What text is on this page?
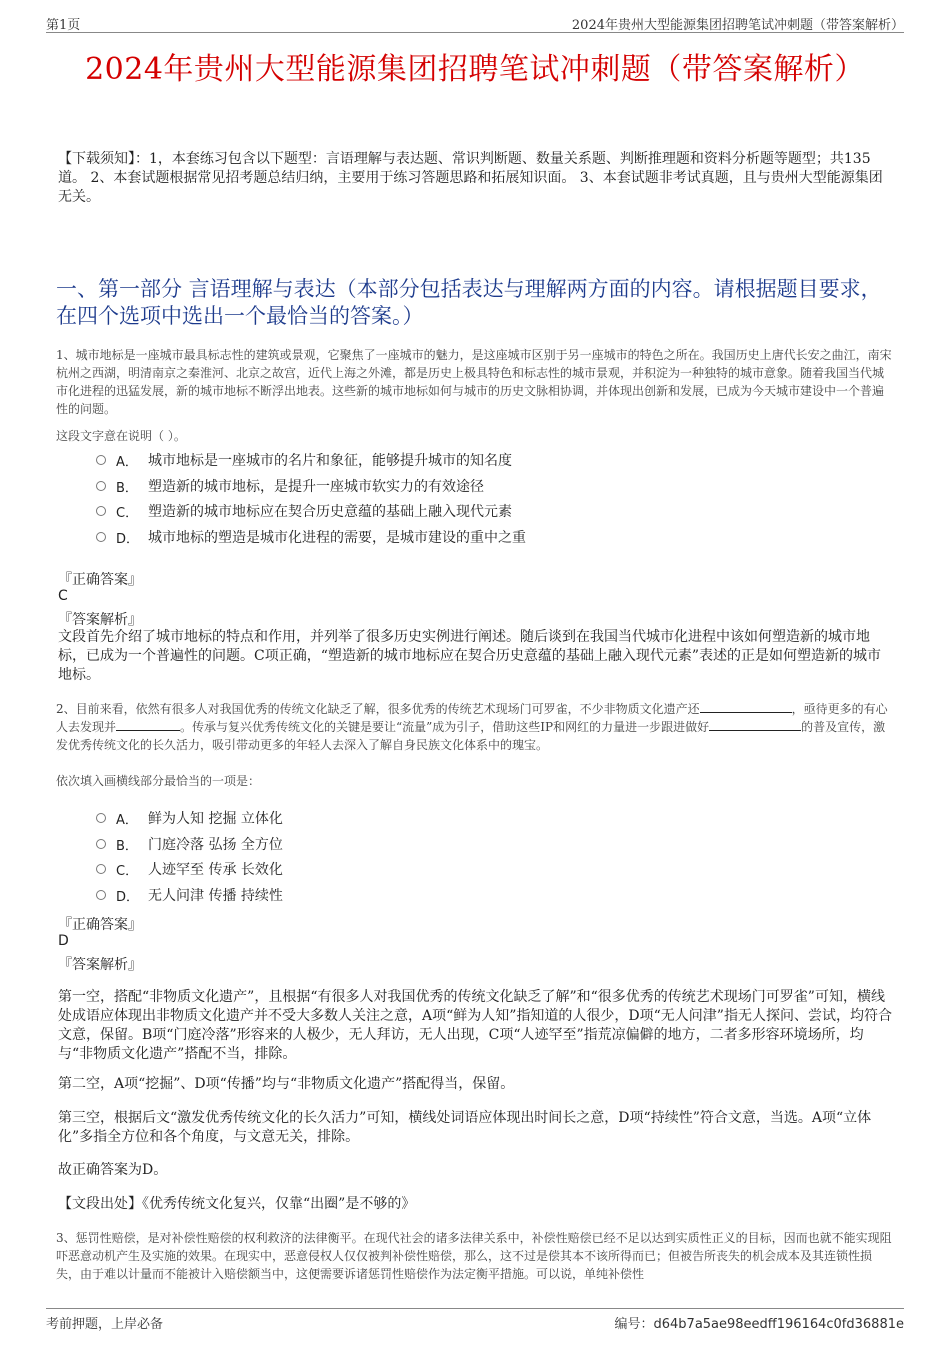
第1页	2024年贵州大型能源集团招聘笔试冲刺题（带答案解析）
2024年贵州大型能源集团招聘笔试冲刺题（带答案解析）
【下载须知】：1，本套练习包含以下题型：言语理解与表达题、常识判断题、数量关系题、判断推理题和资料分析题等题型；共135道。 2、本套试题根据常见招考题总结归纳，主要用于练习答题思路和拓展知识面。 3、本套试题非考试真题，且与贵州大型能源集团无关。
一、第一部分 言语理解与表达（本部分包括表达与理解两方面的内容。请根据题目要求，在四个选项中选出一个最恰当的答案。）
1、城市地标是一座城市最具标志性的建筑或景观，它聚焦了一座城市的魅力，是这座城市区别于另一座城市的特色之所在。我国历史上唐代长安之曲江，南宋杭州之西湖，明清南京之秦淮河、北京之故宫，近代上海之外滩，都是历史上极具特色和标志性的城市景观，并积淀为一种独特的城市意象。随着我国当代城市化进程的迅猛发展，新的城市地标不断浮出地表。这些新的城市地标如何与城市的历史文脉相协调，并体现出创新和发展，已成为今天城市建设中一个普遍性的问题。
这段文字意在说明（ ）。
A． 城市地标是一座城市的名片和象征，能够提升城市的知名度
B． 塑造新的城市地标，是提升一座城市软实力的有效途径
C． 塑造新的城市地标应在契合历史意蕴的基础上融入现代元素
D． 城市地标的塑造是城市化进程的需要，是城市建设的重中之重
『正确答案』
C
『答案解析』
文段首先介绍了城市地标的特点和作用，并列举了很多历史实例进行阐述。随后谈到在我国当代城市化进程中该如何塑造新的城市地标，已成为一个普遍性的问题。C项正确，“塑造新的城市地标应在契合历史意蕴的基础上融入现代元素”表述的正是如何塑造新的城市地标。
2、目前来看，依然有很多人对我国优秀的传统文化缺乏了解，很多优秀的传统艺术现场门可罗雀，不少非物质文化遗产还	，亟待更多的有心人去发现并	。传承与复兴优秀传统文化的关键是要让“流量”成为引子，借助这些IP和网红的力量进一步跟进做好	的普及宣传，激发优秀传统文化的长久活力，吸引带动更多的年轻人去深入了解自身民族文化体系中的瑰宝。
依次填入画横线部分最恰当的一项是：
A． 鲜为人知 挖掘 立体化
B． 门庭冷落 弘扬 全方位
C． 人迹罕至 传承 长效化
D． 无人问津 传播 持续性
『正确答案』
D
『答案解析』
第一空，搭配“非物质文化遗产”，且根据“有很多人对我国优秀的传统文化缺乏了解”和“很多优秀的传统艺术现场门可罗雀”可知，横线处成语应体现出非物质文化遗产并不受大多数人关注之意，A项“鲜为人知”指知道的人很少，D项“无人问津”指无人探问、尝试，均符合文意，保留。B项“门庭冷落”形容来的人极少，无人拜访，无人出现，C项“人迹罕至”指荒凉偏僻的地方，二者多形容环境场所，均与“非物质文化遗产”搭配不当，排除。
第二空，A项“挖掘”、D项“传播”均与“非物质文化遗产”搭配得当，保留。
第三空，根据后文“激发优秀传统文化的长久活力”可知，横线处词语应体现出时间长之意，D项“持续性”符合文意，当选。A项“立体化”多指全方位和各个角度，与文意无关，排除。
故正确答案为D。
【文段出处】《优秀传统文化复兴，仅靠“出圈”是不够的》
3、惩罚性赔偿，是对补偿性赔偿的权利救济的法律衡平。在现代社会的诸多法律关系中，补偿性赔偿已经不足以达到实质性正义的目标，因而也就不能实现阻吓恶意动机产生及实施的效果。在现实中，恶意侵权人仅仅被判补偿性赔偿，那么，这不过是偿其本不该所得而已；但被告所丧失的机会成本及其连锁性损失，由于难以计量而不能被计入赔偿额当中，这便需要诉诸惩罚性赔偿作为法定衡平措施。可以说，单纯补偿性
考前押题，上岸必备	编号：d64b7a5ae98eedff196164c0fd36881e
